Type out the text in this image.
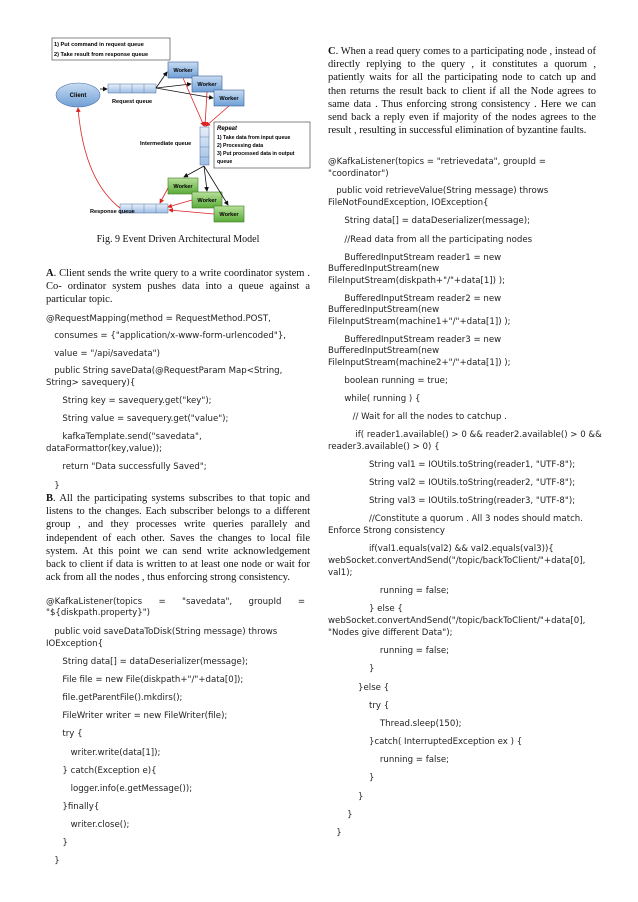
1) Put command in request queue
2) Take result from response queue
Client
Request queue
Worker
Worker
Worker
Intermediate queue
Repeat
1) Take data from input queue
2) Processing data
3) Put processed data in output
queue
Worker
Worker
Worker
Response queue
Fig. 9 Event Driven Architectural Model
A. Client sends the write query to a write coordinator system . Co- ordinator system pushes data into a queue against a particular topic.
@RequestMapping(method = RequestMethod.POST,
consumes = {"application/x-www-form-urlencoded"},
value = "/api/savedata")
public String saveData(@RequestParam Map<String,
String> savequery){
String key = savequery.get("key");
String value = savequery.get("value");
kafkaTemplate.send("savedata",
dataFormattor(key,value));
return "Data successfully Saved";
}
B. All the participating systems subscribes to that topic and listens to the changes. Each subscriber belongs to a different group , and they processes write queries parallely and independent of each other. Saves the changes to local file system. At this point we can send write acknowledgement back to client if data is written to at least one node or wait for ack from all the nodes , thus enforcing strong consistency.
@KafkaListener(topics      =      "savedata",      groupId      =
"${diskpath.property}")
public void saveDataToDisk(String message) throws
IOException{
String data[] = dataDeserializer(message);
File file = new File(diskpath+"/"+data[0]);
file.getParentFile().mkdirs();
FileWriter writer = new FileWriter(file);
try {
writer.write(data[1]);
} catch(Exception e){
logger.info(e.getMessage());
}finally{
writer.close();
}
}
C. When a read query comes to a participating node , instead of directly replying to the query , it constitutes a quorum , patiently waits for all the participating node to catch up and then returns the result back to client if all the Node agrees to same data . Thus enforcing strong consistency . Here we can send back a reply even if majority of the nodes agrees to the result , resulting in successful elimination of byzantine faults.
@KafkaListener(topics = "retrievedata", groupId =
"coordinator")
public void retrieveValue(String message) throws
FileNotFoundException, IOException{
String data[] = dataDeserializer(message);
//Read data from all the participating nodes
BufferedInputStream reader1 = new
BufferedInputStream(new
FileInputStream(diskpath+"/"+data[1]) );
BufferedInputStream reader2 = new
BufferedInputStream(new
FileInputStream(machine1+"/"+data[1]) );
BufferedInputStream reader3 = new
BufferedInputStream(new
FileInputStream(machine2+"/"+data[1]) );
boolean running = true;
while( running ) {
// Wait for all the nodes to catchup .
if( reader1.available() > 0 && reader2.available() > 0 &&
reader3.available() > 0) {
String val1 = IOUtils.toString(reader1, "UTF-8");
String val2 = IOUtils.toString(reader2, "UTF-8");
String val3 = IOUtils.toString(reader3, "UTF-8");
//Constitute a quorum . All 3 nodes should match.
Enforce Strong consistency
if(val1.equals(val2) && val2.equals(val3)){
webSocket.convertAndSend("/topic/backToClient/"+data[0],
val1);
running = false;
} else {
webSocket.convertAndSend("/topic/backToClient/"+data[0],
"Nodes give different Data");
running = false;
}
}else {
try {
Thread.sleep(150);
}catch( InterruptedException ex ) {
running = false;
}
}
}
}
